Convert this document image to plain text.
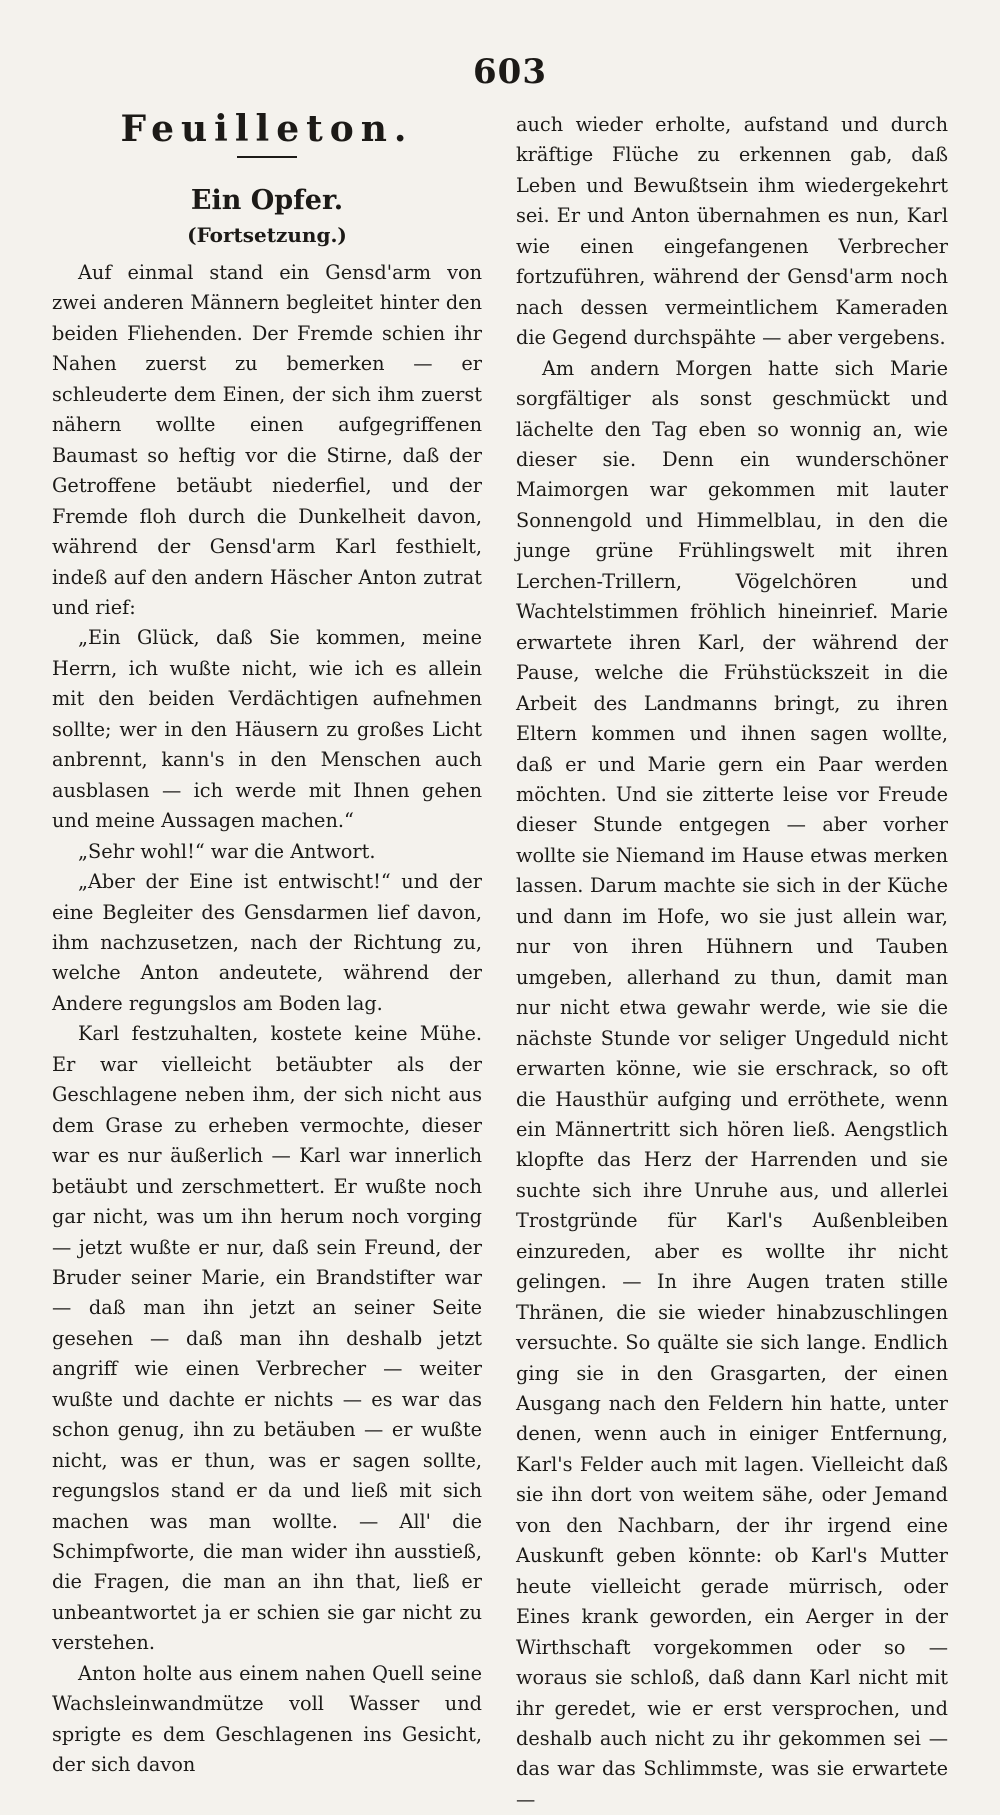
603
Feuilleton.
Ein Opfer.
(Fortsetzung.)

Auf einmal stand ein Gensd'arm von zwei anderen Männern begleitet hinter den beiden Fliehenden. Der Fremde schien ihr Nahen zuerst zu bemerken — er schleuderte dem Einen, der sich ihm zuerst nähern wollte einen aufgegriffenen Baumast so heftig vor die Stirne, daß der Getroffene betäubt niederfiel, und der Fremde floh durch die Dunkelheit davon, während der Gensd'arm Karl festhielt, indeß auf den andern Häscher Anton zutrat und rief:

„Ein Glück, daß Sie kommen, meine Herrn, ich wußte nicht, wie ich es allein mit den beiden Verdächtigen aufnehmen sollte; wer in den Häusern zu großes Licht anbrennt, kann's in den Menschen auch ausblasen — ich werde mit Ihnen gehen und meine Aussagen machen.“

„Sehr wohl!“ war die Antwort.

„Aber der Eine ist entwischt!“ und der eine Begleiter des Gensdarmen lief davon, ihm nachzusetzen, nach der Richtung zu, welche Anton andeutete, während der Andere regungslos am Boden lag.

Karl festzuhalten, kostete keine Mühe. Er war vielleicht betäubter als der Geschlagene neben ihm, der sich nicht aus dem Grase zu erheben vermochte, dieser war es nur äußerlich — Karl war innerlich betäubt und zerschmettert. Er wußte noch gar nicht, was um ihn herum noch vorging — jetzt wußte er nur, daß sein Freund, der Bruder seiner Marie, ein Brandstifter war — daß man ihn jetzt an seiner Seite gesehen — daß man ihn deshalb jetzt angriff wie einen Verbrecher — weiter wußte und dachte er nichts — es war das schon genug, ihn zu betäuben — er wußte nicht, was er thun, was er sagen sollte, regungslos stand er da und ließ mit sich machen was man wollte. — All' die Schimpfworte, die man wider ihn ausstieß, die Fragen, die man an ihn that, ließ er unbeantwortet ja er schien sie gar nicht zu verstehen.

Anton holte aus einem nahen Quell seine Wachsleinwandmütze voll Wasser und sprigte es dem Geschlagenen ins Gesicht, der sich davon

auch wieder erholte, aufstand und durch kräftige Flüche zu erkennen gab, daß Leben und Bewußtsein ihm wiedergekehrt sei. Er und Anton übernahmen es nun, Karl wie einen eingefangenen Verbrecher fortzuführen, während der Gensd'arm noch nach dessen vermeintlichem Kameraden die Gegend durchspähte — aber vergebens.

Am andern Morgen hatte sich Marie sorgfältiger als sonst geschmückt und lächelte den Tag eben so wonnig an, wie dieser sie. Denn ein wunderschöner Maimorgen war gekommen mit lauter Sonnengold und Himmelblau, in den die junge grüne Frühlingswelt mit ihren Lerchen-Trillern, Vögelchören und Wachtelstimmen fröhlich hineinrief. Marie erwartete ihren Karl, der während der Pause, welche die Frühstückszeit in die Arbeit des Landmanns bringt, zu ihren Eltern kommen und ihnen sagen wollte, daß er und Marie gern ein Paar werden möchten. Und sie zitterte leise vor Freude dieser Stunde entgegen — aber vorher wollte sie Niemand im Hause etwas merken lassen. Darum machte sie sich in der Küche und dann im Hofe, wo sie just allein war, nur von ihren Hühnern und Tauben umgeben, allerhand zu thun, damit man nur nicht etwa gewahr werde, wie sie die nächste Stunde vor seliger Ungeduld nicht erwarten könne, wie sie erschrack, so oft die Hausthür aufging und erröthete, wenn ein Männertritt sich hören ließ. Aengstlich klopfte das Herz der Harrenden und sie suchte sich ihre Unruhe aus, und allerlei Trostgründe für Karl's Außenbleiben einzureden, aber es wollte ihr nicht gelingen. — In ihre Augen traten stille Thränen, die sie wieder hinabzuschlingen versuchte. So quälte sie sich lange. Endlich ging sie in den Grasgarten, der einen Ausgang nach den Feldern hin hatte, unter denen, wenn auch in einiger Entfernung, Karl's Felder auch mit lagen. Vielleicht daß sie ihn dort von weitem sähe, oder Jemand von den Nachbarn, der ihr irgend eine Auskunft geben könnte: ob Karl's Mutter heute vielleicht gerade mürrisch, oder Eines krank geworden, ein Aerger in der Wirthschaft vorgekommen oder so — woraus sie schloß, daß dann Karl nicht mit ihr geredet, wie er erst versprochen, und deshalb auch nicht zu ihr gekommen sei — das war das Schlimmste, was sie erwartete —
